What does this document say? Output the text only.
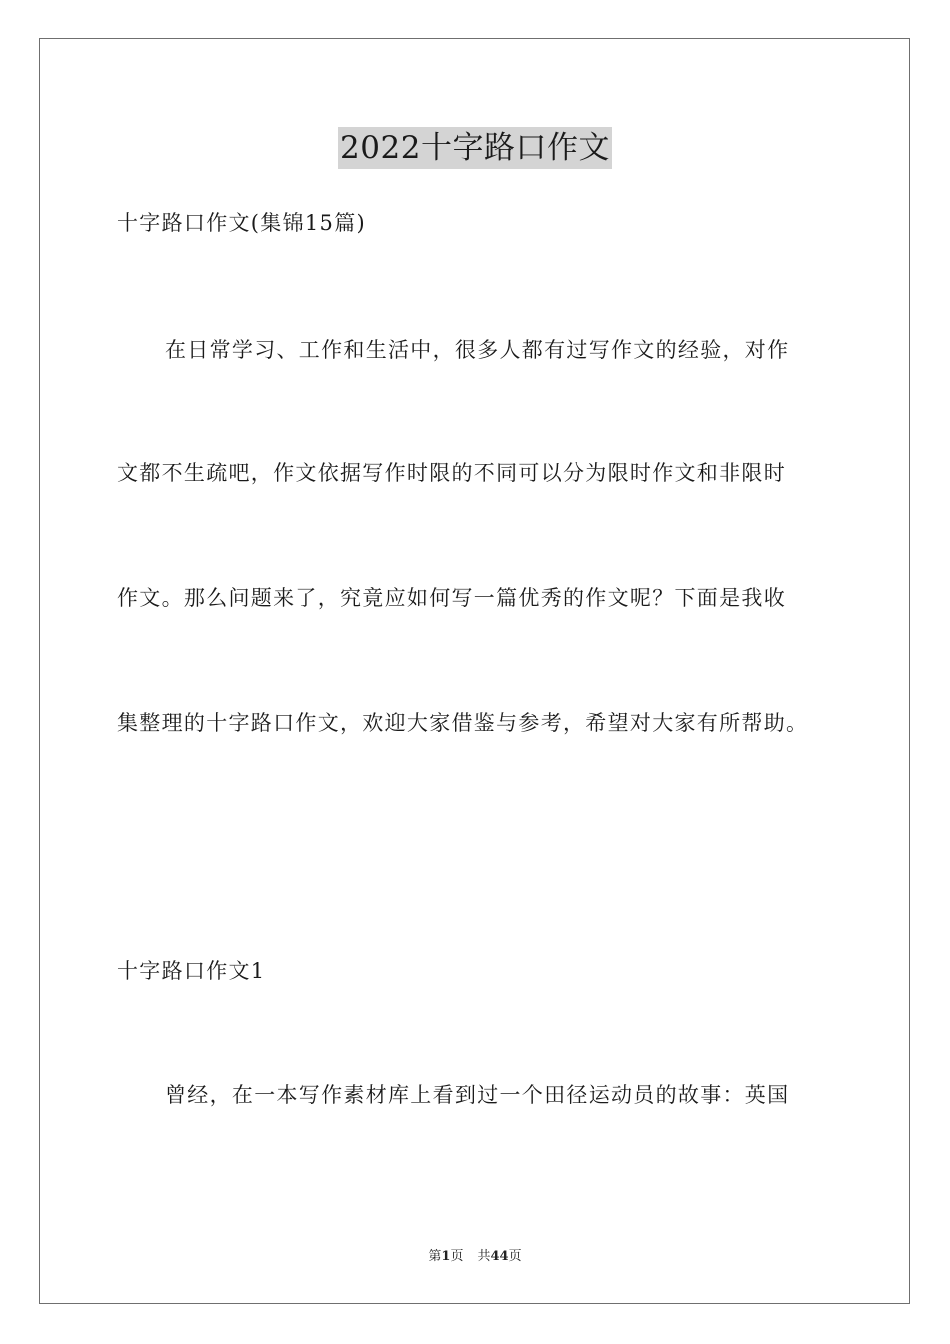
2022十字路口作文

十字路口作文(集锦15篇)

在日常学习、工作和生活中，很多人都有过写作文的经验，对作

文都不生疏吧，作文依据写作时限的不同可以分为限时作文和非限时

作文。那么问题来了，究竟应如何写一篇优秀的作文呢？下面是我收

集整理的十字路口作文，欢迎大家借鉴与参考，希望对大家有所帮助。

十字路口作文1

曾经，在一本写作素材库上看到过一个田径运动员的故事：英国

第1页 共44页
